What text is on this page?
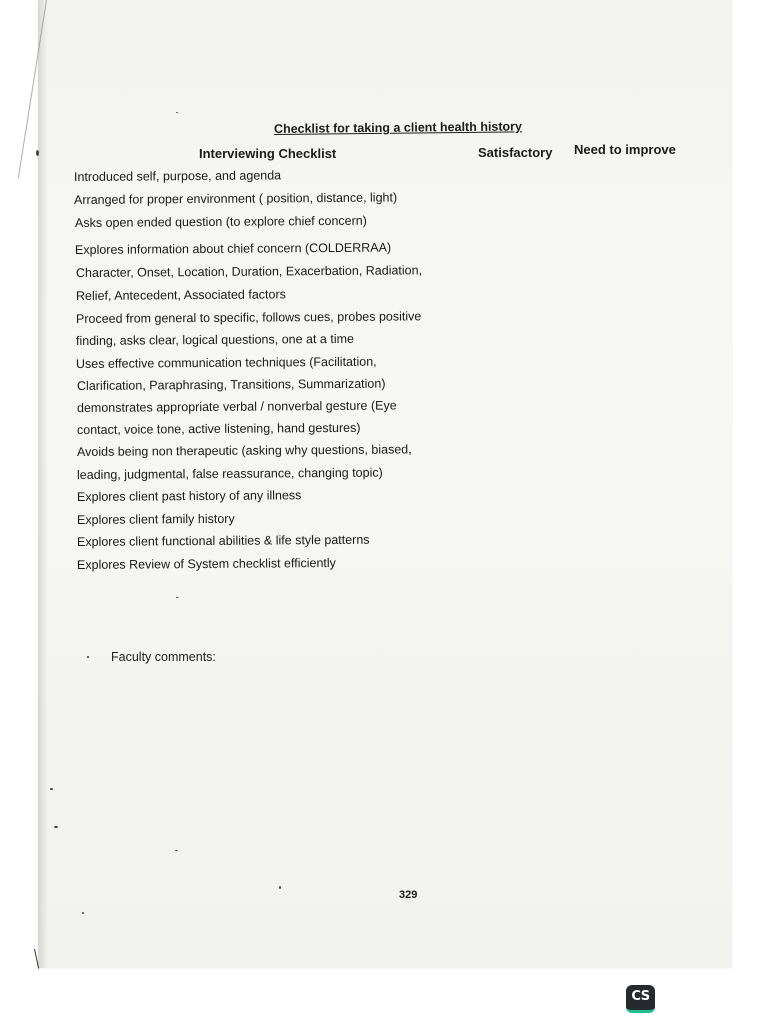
Checklist for taking a client health history
Interviewing Checklist	Satisfactory Need to improve
Introduced self, purpose, and agenda
Arranged for proper environment ( position, distance, light)
Asks open ended question (to explore chief concern)
Explores information about chief concern (COLDERRAA)
Character, Onset, Location, Duration, Exacerbation, Radiation,
Relief, Antecedent, Associated factors
Proceed from general to specific, follows cues, probes positive
finding, asks clear, logical questions, one at a time
Uses effective communication techniques (Facilitation,
Clarification, Paraphrasing, Transitions, Summarization)
demonstrates appropriate verbal / nonverbal gesture (Eye
contact, voice tone, active listening, hand gestures)
Avoids being non therapeutic (asking why questions, biased,
leading, judgmental, false reassurance, changing topic)
Explores client past history of any illness
Explores client family history
Explores client functional abilities & life style patterns
Explores Review of System checklist efficiently
Faculty comments:
329
CS
